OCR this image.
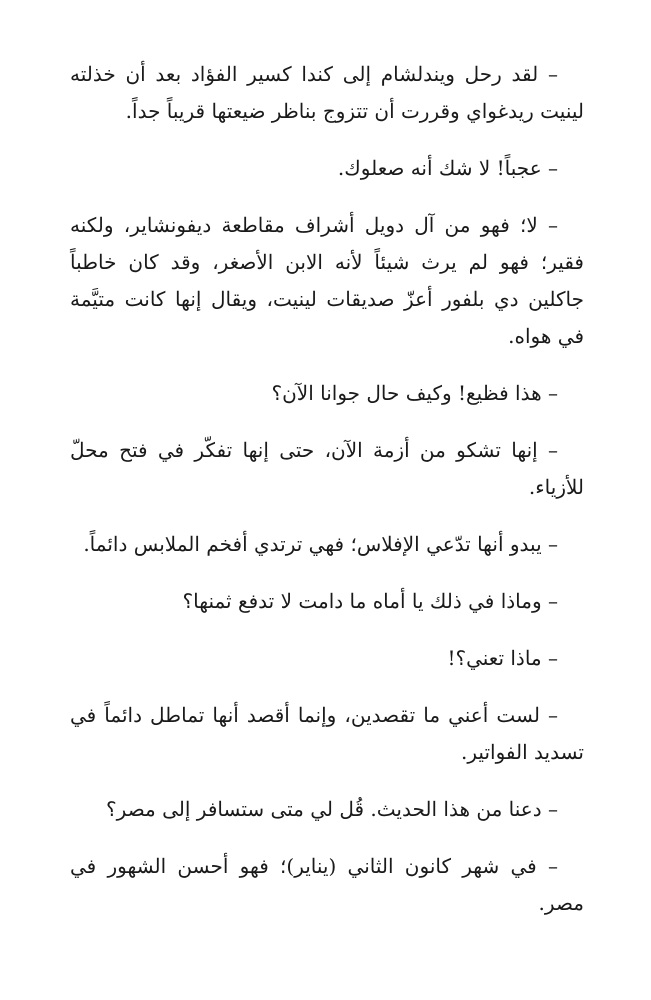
– لقد رحل ويندلشام إلى كندا كسير الفؤاد بعد أن خذلته لينيت ريدغواي وقررت أن تتزوج بناظر ضيعتها قريباً جداً.

– عجباً! لا شك أنه صعلوك.

– لا؛ فهو من آل دويل أشراف مقاطعة ديفونشاير، ولكنه فقير؛ فهو لم يرث شيئاً لأنه الابن الأصغر، وقد كان خاطباً جاكلين دي بلفور أعزّ صديقات لينيت، ويقال إنها كانت متيَّمة في هواه.

– هذا فظيع! وكيف حال جوانا الآن؟

– إنها تشكو من أزمة الآن، حتى إنها تفكّر في فتح محلّ للأزياء.

– يبدو أنها تدّعي الإفلاس؛ فهي ترتدي أفخم الملابس دائماً.

– وماذا في ذلك يا أماه ما دامت لا تدفع ثمنها؟

– ماذا تعني؟!

– لست أعني ما تقصدين، وإنما أقصد أنها تماطل دائماً في تسديد الفواتير.

– دعنا من هذا الحديث. قُل لي متى ستسافر إلى مصر؟

– في شهر كانون الثاني (يناير)؛ فهو أحسن الشهور في مصر.
